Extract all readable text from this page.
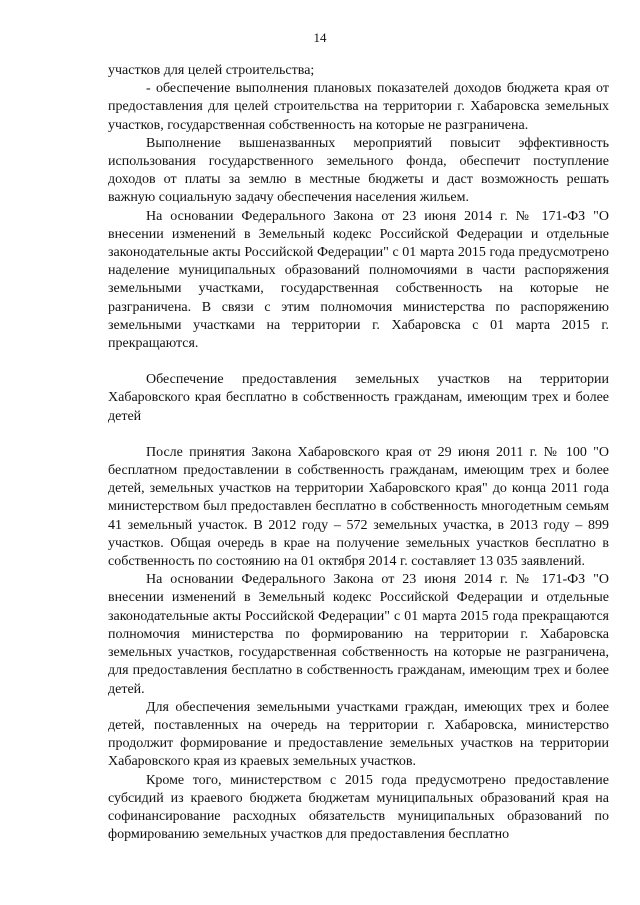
14

участков для целей строительства;

- обеспечение выполнения плановых показателей доходов бюджета края от предоставления для целей строительства на территории г. Хабаровска земельных участков, государственная собственность на которые не разграничена.

Выполнение вышеназванных мероприятий повысит эффективность использования государственного земельного фонда, обеспечит поступление доходов от платы за землю в местные бюджеты и даст возможность решать важную социальную задачу обеспечения населения жильем.

На основании Федерального Закона от 23 июня 2014 г. № 171-ФЗ "О внесении изменений в Земельный кодекс Российской Федерации и отдельные законодательные акты Российской Федерации" с 01 марта 2015 года предусмотрено наделение муниципальных образований полномочиями в части распоряжения земельными участками, государственная собственность на которые не разграничена. В связи с этим полномочия министерства по распоряжению земельными участками на территории г. Хабаровска с 01 марта 2015 г. прекращаются.

Обеспечение предоставления земельных участков на территории Хабаровского края бесплатно в собственность гражданам, имеющим трех и более детей

После принятия Закона Хабаровского края от 29 июня 2011 г. № 100 "О бесплатном предоставлении в собственность гражданам, имеющим трех и более детей, земельных участков на территории Хабаровского края" до конца 2011 года министерством был предоставлен бесплатно в собственность многодетным семьям 41 земельный участок. В 2012 году – 572 земельных участка, в 2013 году – 899 участков. Общая очередь в крае на получение земельных участков бесплатно в собственность по состоянию на 01 октября 2014 г. составляет 13 035 заявлений.

На основании Федерального Закона от 23 июня 2014 г. № 171-ФЗ "О внесении изменений в Земельный кодекс Российской Федерации и отдельные законодательные акты Российской Федерации" с 01 марта 2015 года прекращаются полномочия министерства по формированию на территории г. Хабаровска земельных участков, государственная собственность на которые не разграничена, для предоставления бесплатно в собственность гражданам, имеющим трех и более детей.

Для обеспечения земельными участками граждан, имеющих трех и более детей, поставленных на очередь на территории г. Хабаровска, министерство продолжит формирование и предоставление земельных участков на территории Хабаровского края из краевых земельных участков.

Кроме того, министерством с 2015 года предусмотрено предоставление субсидий из краевого бюджета бюджетам муниципальных образований края на софинансирование расходных обязательств муниципальных образований по формированию земельных участков для предоставления бесплатно
